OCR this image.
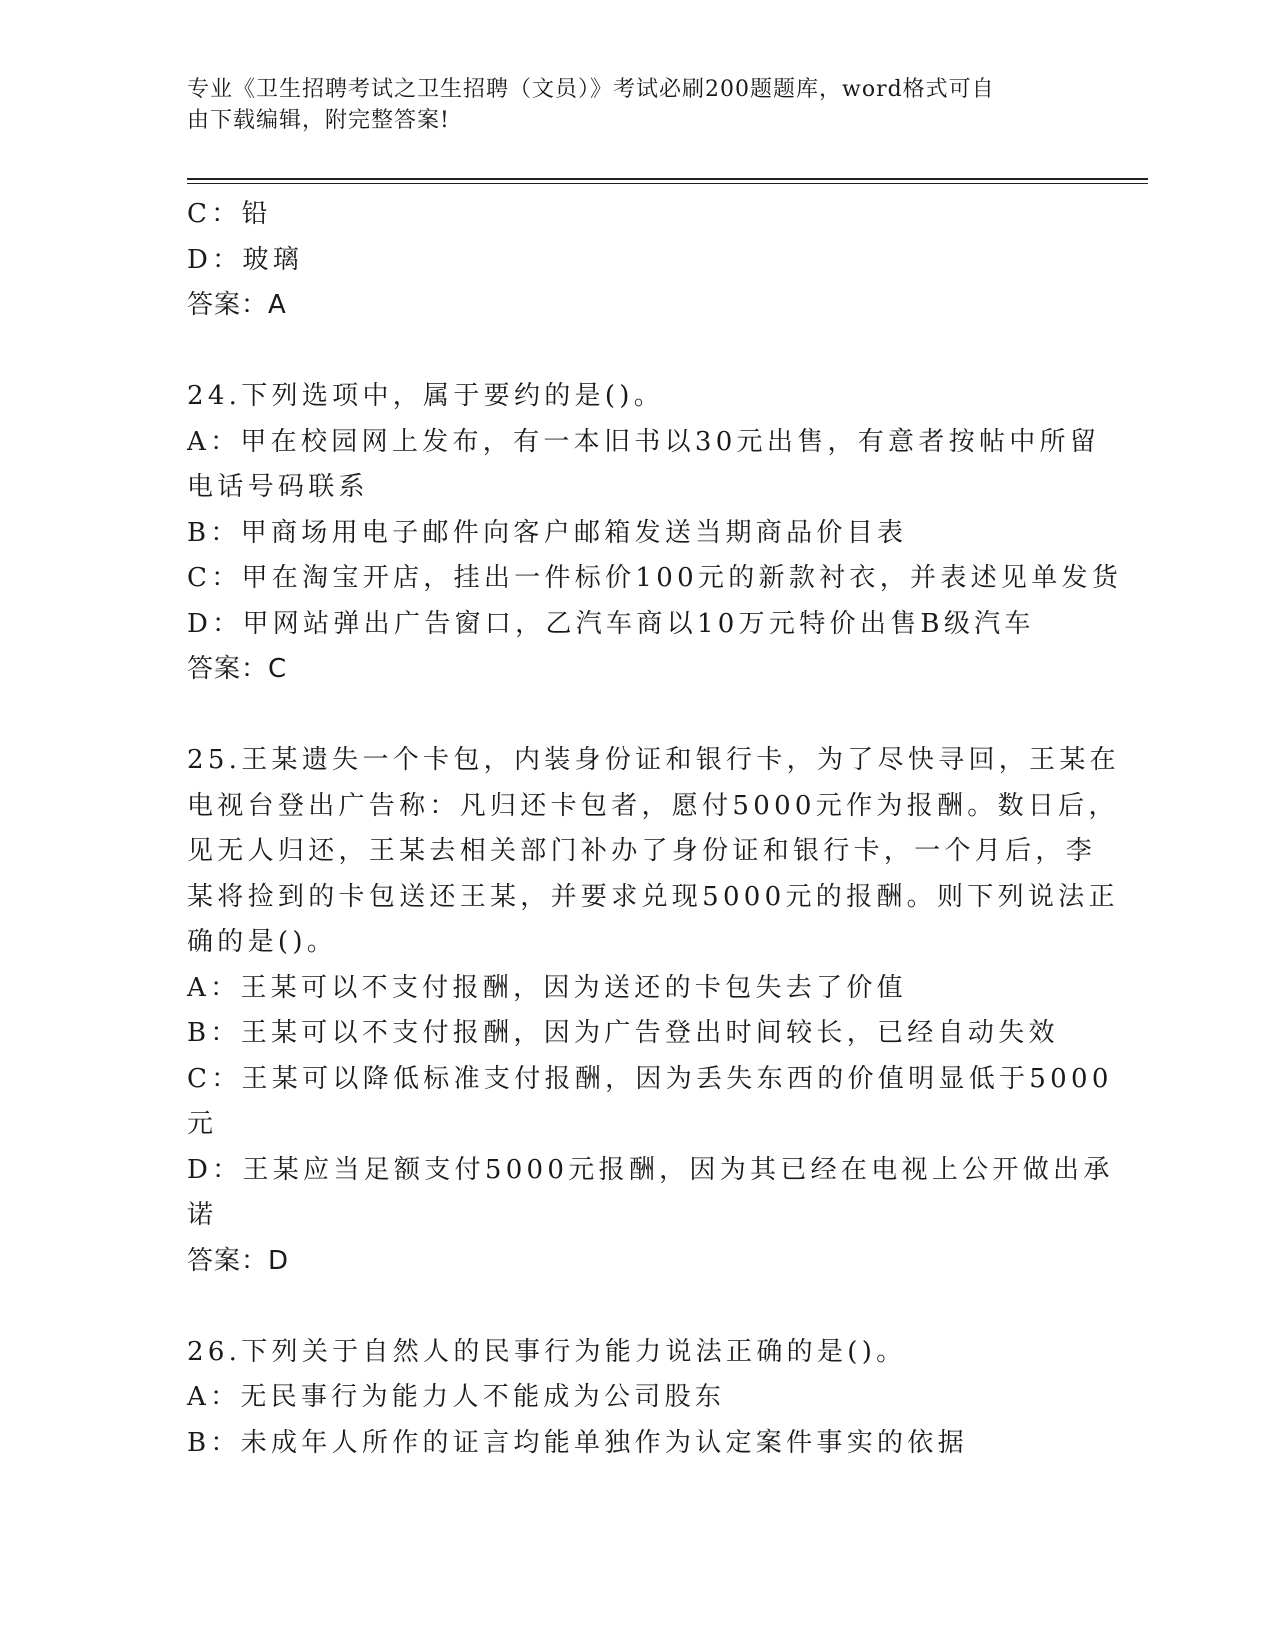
专业《卫生招聘考试之卫生招聘（文员）》考试必刷200题题库，word格式可自
由下载编辑，附完整答案!
C：铅
D：玻璃
答案：A
24.下列选项中，属于要约的是()。
A：甲在校园网上发布，有一本旧书以30元出售，有意者按帖中所留
电话号码联系
B：甲商场用电子邮件向客户邮箱发送当期商品价目表
C：甲在淘宝开店，挂出一件标价100元的新款衬衣，并表述见单发货
D：甲网站弹出广告窗口，乙汽车商以10万元特价出售B级汽车
答案：C
25.王某遗失一个卡包，内装身份证和银行卡，为了尽快寻回，王某在
电视台登出广告称：凡归还卡包者，愿付5000元作为报酬。数日后，
见无人归还，王某去相关部门补办了身份证和银行卡，一个月后，李
某将捡到的卡包送还王某，并要求兑现5000元的报酬。则下列说法正
确的是()。
A：王某可以不支付报酬，因为送还的卡包失去了价值
B：王某可以不支付报酬，因为广告登出时间较长，已经自动失效
C：王某可以降低标准支付报酬，因为丢失东西的价值明显低于5000
元
D：王某应当足额支付5000元报酬，因为其已经在电视上公开做出承
诺
答案：D
26.下列关于自然人的民事行为能力说法正确的是()。
A：无民事行为能力人不能成为公司股东
B：未成年人所作的证言均能单独作为认定案件事实的依据
